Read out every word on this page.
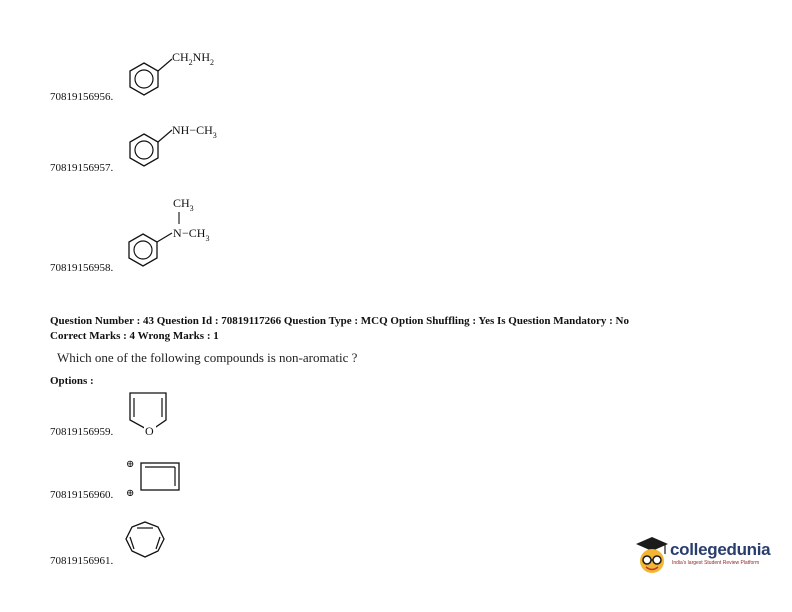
$CH_2NH_2$
70819156956.
$NH-CH_3$
70819156957.
$CH_3$
$N -CH_3$
70819156958.
Question Number : 43 Question Id : 70819117266 Question Type : MCQ Option Shuffling : Yes Is Question Mandatory : No
Correct Marks : 4 Wrong Marks : 1
Which one of the following compounds is non-aromatic ?
Options :
O
70819156959.
⊕
⊕
70819156960.
70819156961.
collegedunia
India's largest Student Review Platform
